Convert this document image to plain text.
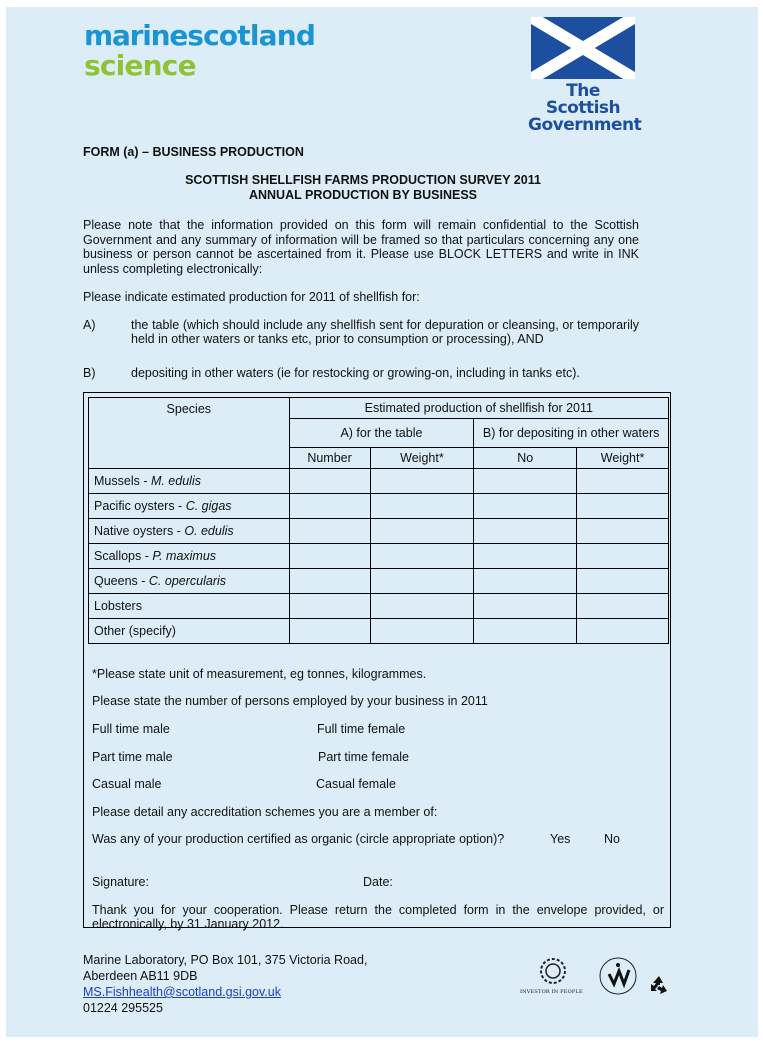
marinescotland
science
The Scottish
Government
FORM (a) – BUSINESS PRODUCTION
SCOTTISH SHELLFISH FARMS PRODUCTION SURVEY 2011
ANNUAL PRODUCTION BY BUSINESS
Please note that the information provided on this form will remain confidential to the Scottish Government and any summary of information will be framed so that particulars concerning any one business or person cannot be ascertained from it. Please use BLOCK LETTERS and write in INK unless completing electronically:
Please indicate estimated production for 2011 of shellfish for:
A)	the table (which should include any shellfish sent for depuration or cleansing, or temporarily held in other waters or tanks etc, prior to consumption or processing), AND
B)	depositing in other waters (ie for restocking or growing-on, including in tanks etc).
Species	Estimated production of shellfish for 2011			
	A) for the table		B) for depositing in other waters	
	Number	Weight*	No	Weight*
Mussels - M. edulis				
Pacific oysters - C. gigas				
Native oysters - O. edulis				
Scallops - P. maximus				
Queens - C. opercularis				
Lobsters				
Other (specify)				
*Please state unit of measurement, eg tonnes, kilogrammes.
Please state the number of persons employed by your business in 2011
Full time male	Full time female
Part time male	Part time female
Casual male	Casual female
Please detail any accreditation schemes you are a member of:
Was any of your production certified as organic (circle appropriate option)?	Yes	No
Signature:	Date:
Thank you for your cooperation. Please return the completed form in the envelope provided, or electronically, by 31 January 2012.
Marine Laboratory, PO Box 101, 375 Victoria Road,
Aberdeen AB11 9DB
MS.Fishhealth@scotland.gsi.gov.uk
01224 295525
INVESTOR IN PEOPLE
